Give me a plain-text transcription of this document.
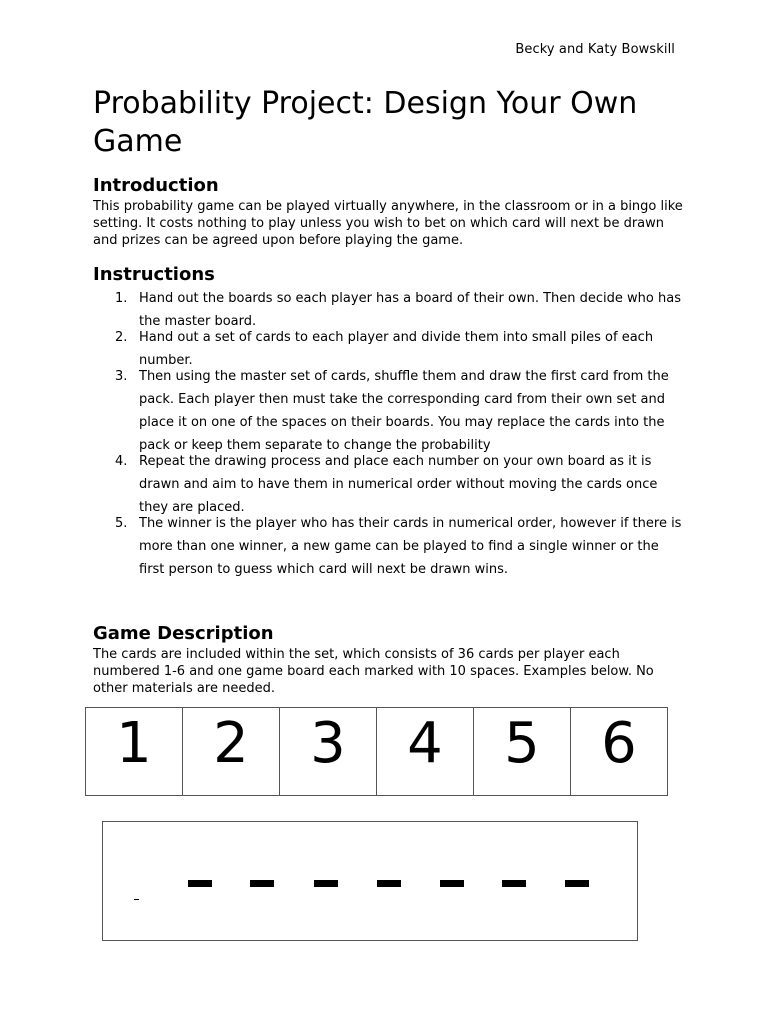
Becky and Katy Bowskill
Probability Project: Design Your Own Game
Introduction

This probability game can be played virtually anywhere, in the classroom or in a bingo like setting. It costs nothing to play unless you wish to bet on which card will next be drawn and prizes can be agreed upon before playing the game.

Instructions
1. Hand out the boards so each player has a board of their own. Then decide who has the master board.
2. Hand out a set of cards to each player and divide them into small piles of each number.
3. Then using the master set of cards, shuffle them and draw the first card from the pack. Each player then must take the corresponding card from their own set and place it on one of the spaces on their boards. You may replace the cards into the pack or keep them separate to change the probability
4. Repeat the drawing process and place each number on your own board as it is drawn and aim to have them in numerical order without moving the cards once they are placed.
5. The winner is the player who has their cards in numerical order, however if there is more than one winner, a new game can be played to find a single winner or the first person to guess which card will next be drawn wins.
Game Description

The cards are included within the set, which consists of 36 cards per player each numbered 1-6 and one game board each marked with 10 spaces. Examples below. No other materials are needed.

1	2	3	4	5	6
